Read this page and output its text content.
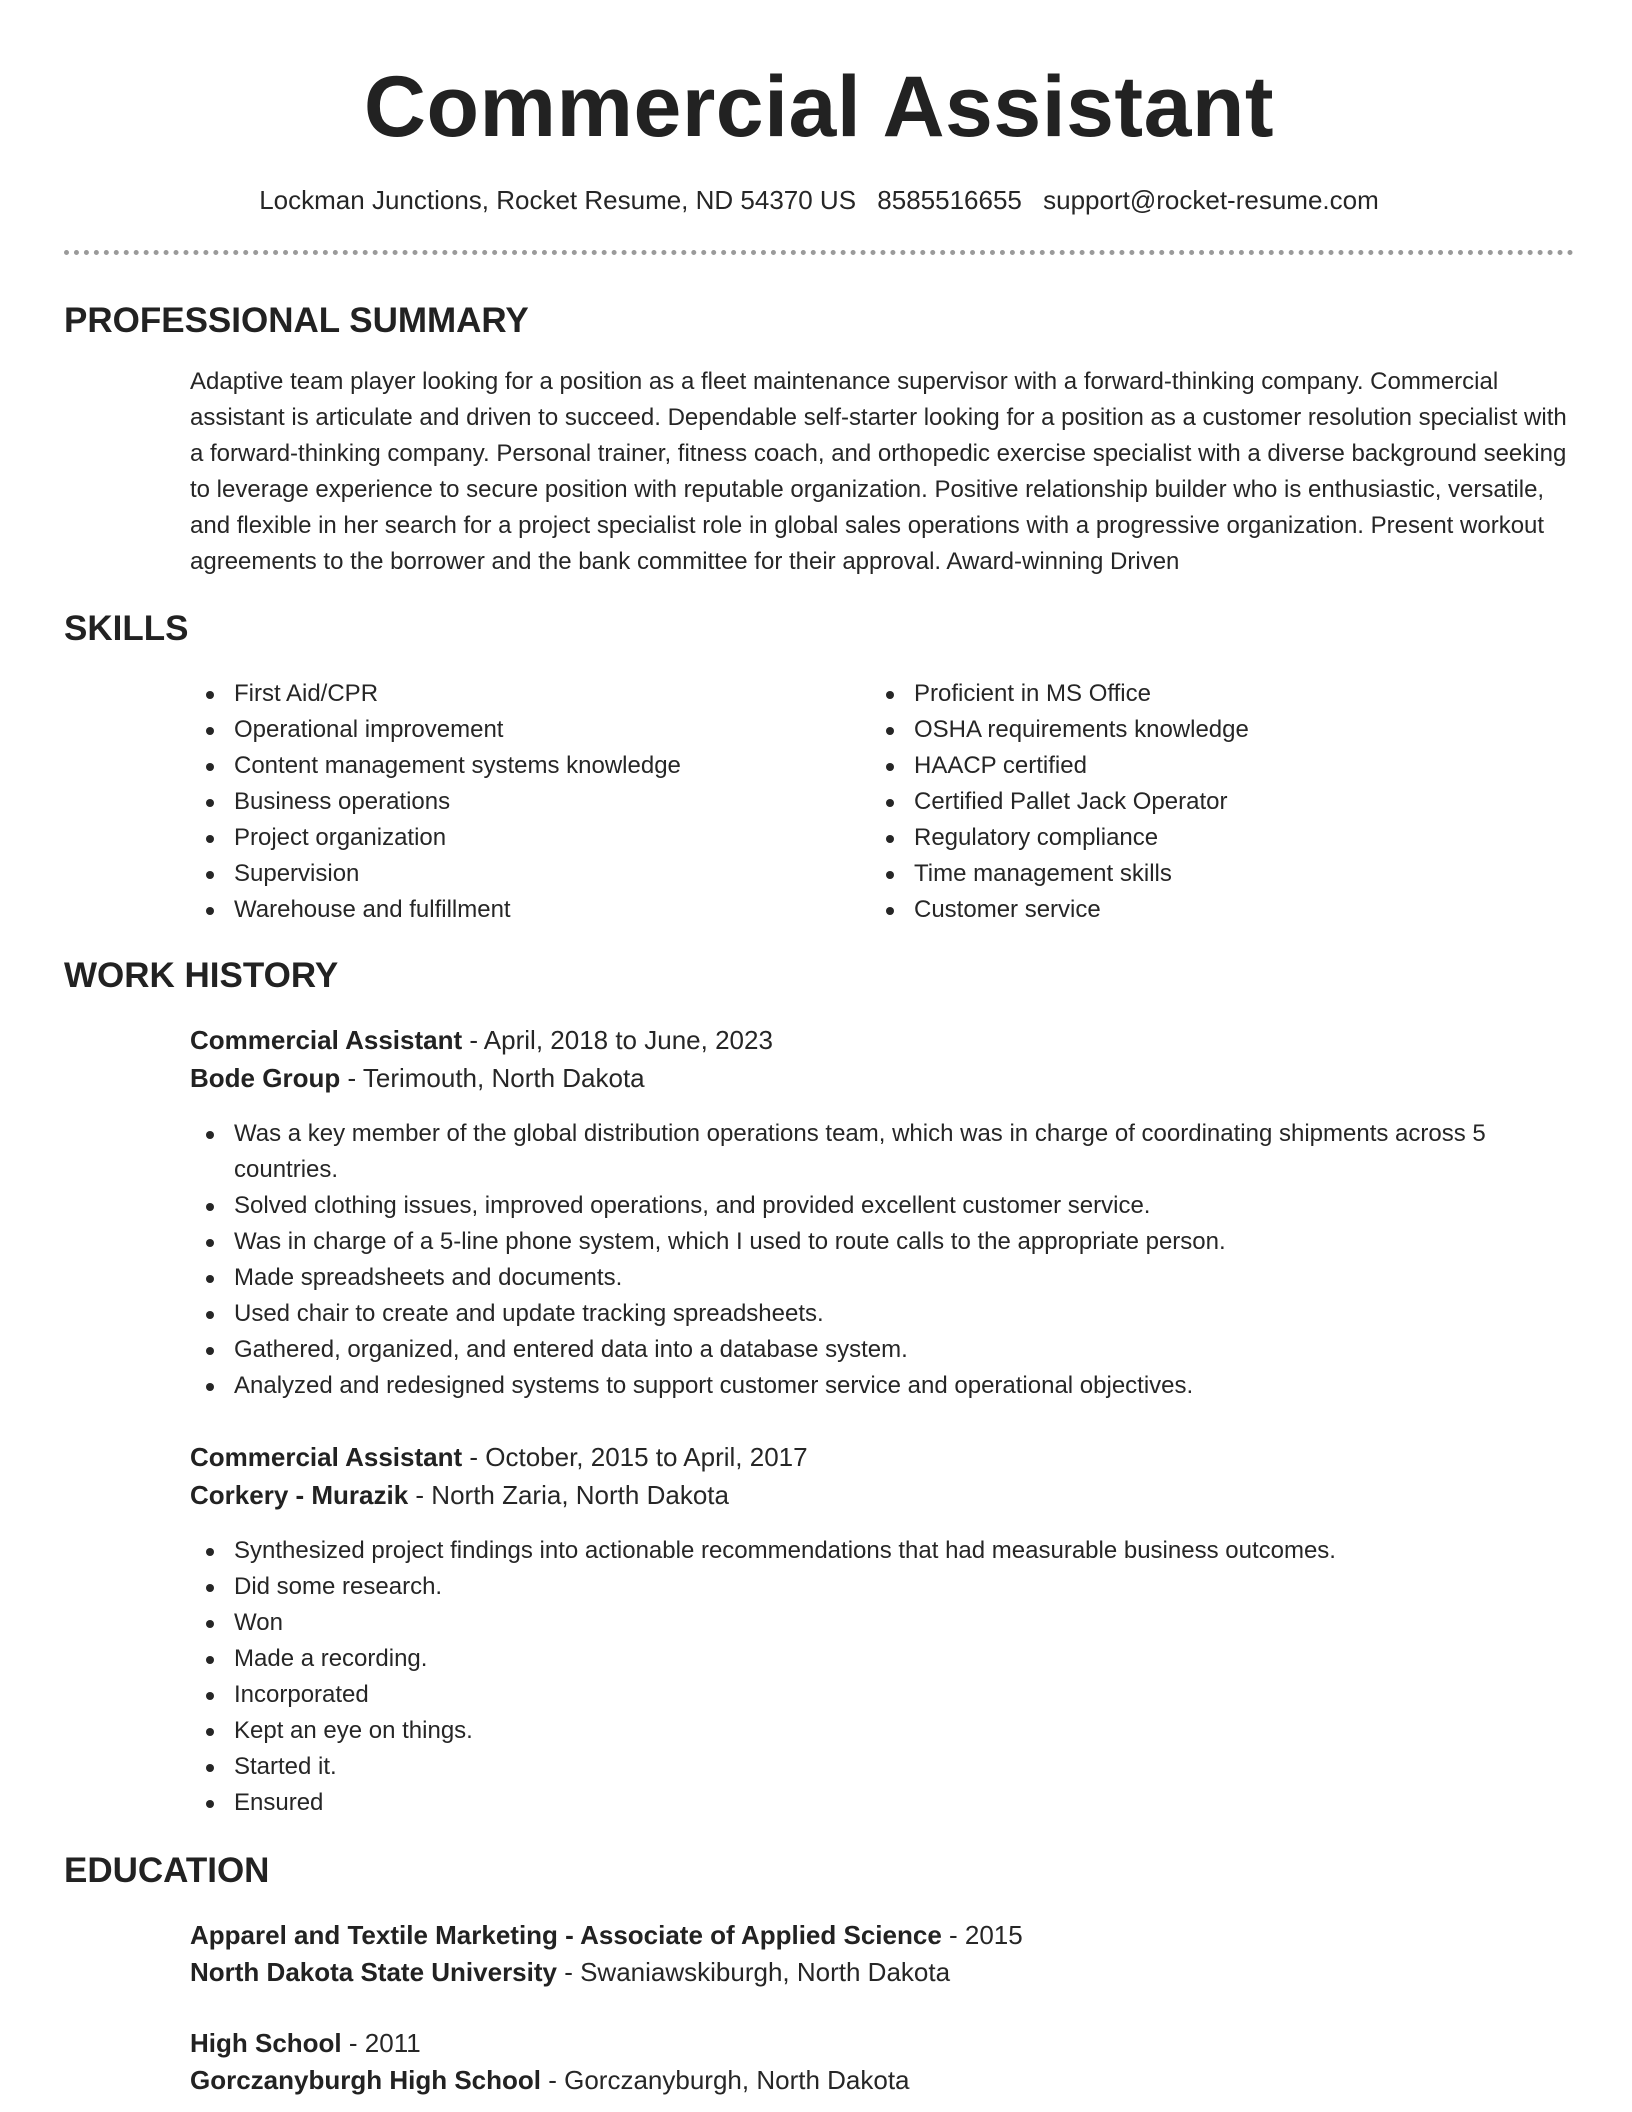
Commercial Assistant
Lockman Junctions, Rocket Resume, ND 54370 US 8585516655 support@rocket-resume.com
PROFESSIONAL SUMMARY

Adaptive team player looking for a position as a fleet maintenance supervisor with a forward-thinking company. Commercial assistant is articulate and driven to succeed. Dependable self-starter looking for a position as a customer resolution specialist with a forward-thinking company. Personal trainer, fitness coach, and orthopedic exercise specialist with a diverse background seeking to leverage experience to secure position with reputable organization. Positive relationship builder who is enthusiastic, versatile, and flexible in her search for a project specialist role in global sales operations with a progressive organization. Present workout agreements to the borrower and the bank committee for their approval. Award-winning Driven

SKILLS
First Aid/CPR
Operational improvement
Content management systems knowledge
Business operations
Project organization
Supervision
Warehouse and fulfillment
Proficient in MS Office
OSHA requirements knowledge
HAACP certified
Certified Pallet Jack Operator
Regulatory compliance
Time management skills
Customer service
WORK HISTORY
Commercial Assistant - April, 2018 to June, 2023
Bode Group - Terimouth, North Dakota
Was a key member of the global distribution operations team, which was in charge of coordinating shipments across 5 countries.
Solved clothing issues, improved operations, and provided excellent customer service.
Was in charge of a 5-line phone system, which I used to route calls to the appropriate person.
Made spreadsheets and documents.
Used chair to create and update tracking spreadsheets.
Gathered, organized, and entered data into a database system.
Analyzed and redesigned systems to support customer service and operational objectives.
Commercial Assistant - October, 2015 to April, 2017
Corkery - Murazik - North Zaria, North Dakota
Synthesized project findings into actionable recommendations that had measurable business outcomes.
Did some research.
Won
Made a recording.
Incorporated
Kept an eye on things.
Started it.
Ensured
EDUCATION
Apparel and Textile Marketing - Associate of Applied Science - 2015
North Dakota State University - Swaniawskiburgh, North Dakota
High School - 2011
Gorczanyburgh High School - Gorczanyburgh, North Dakota
